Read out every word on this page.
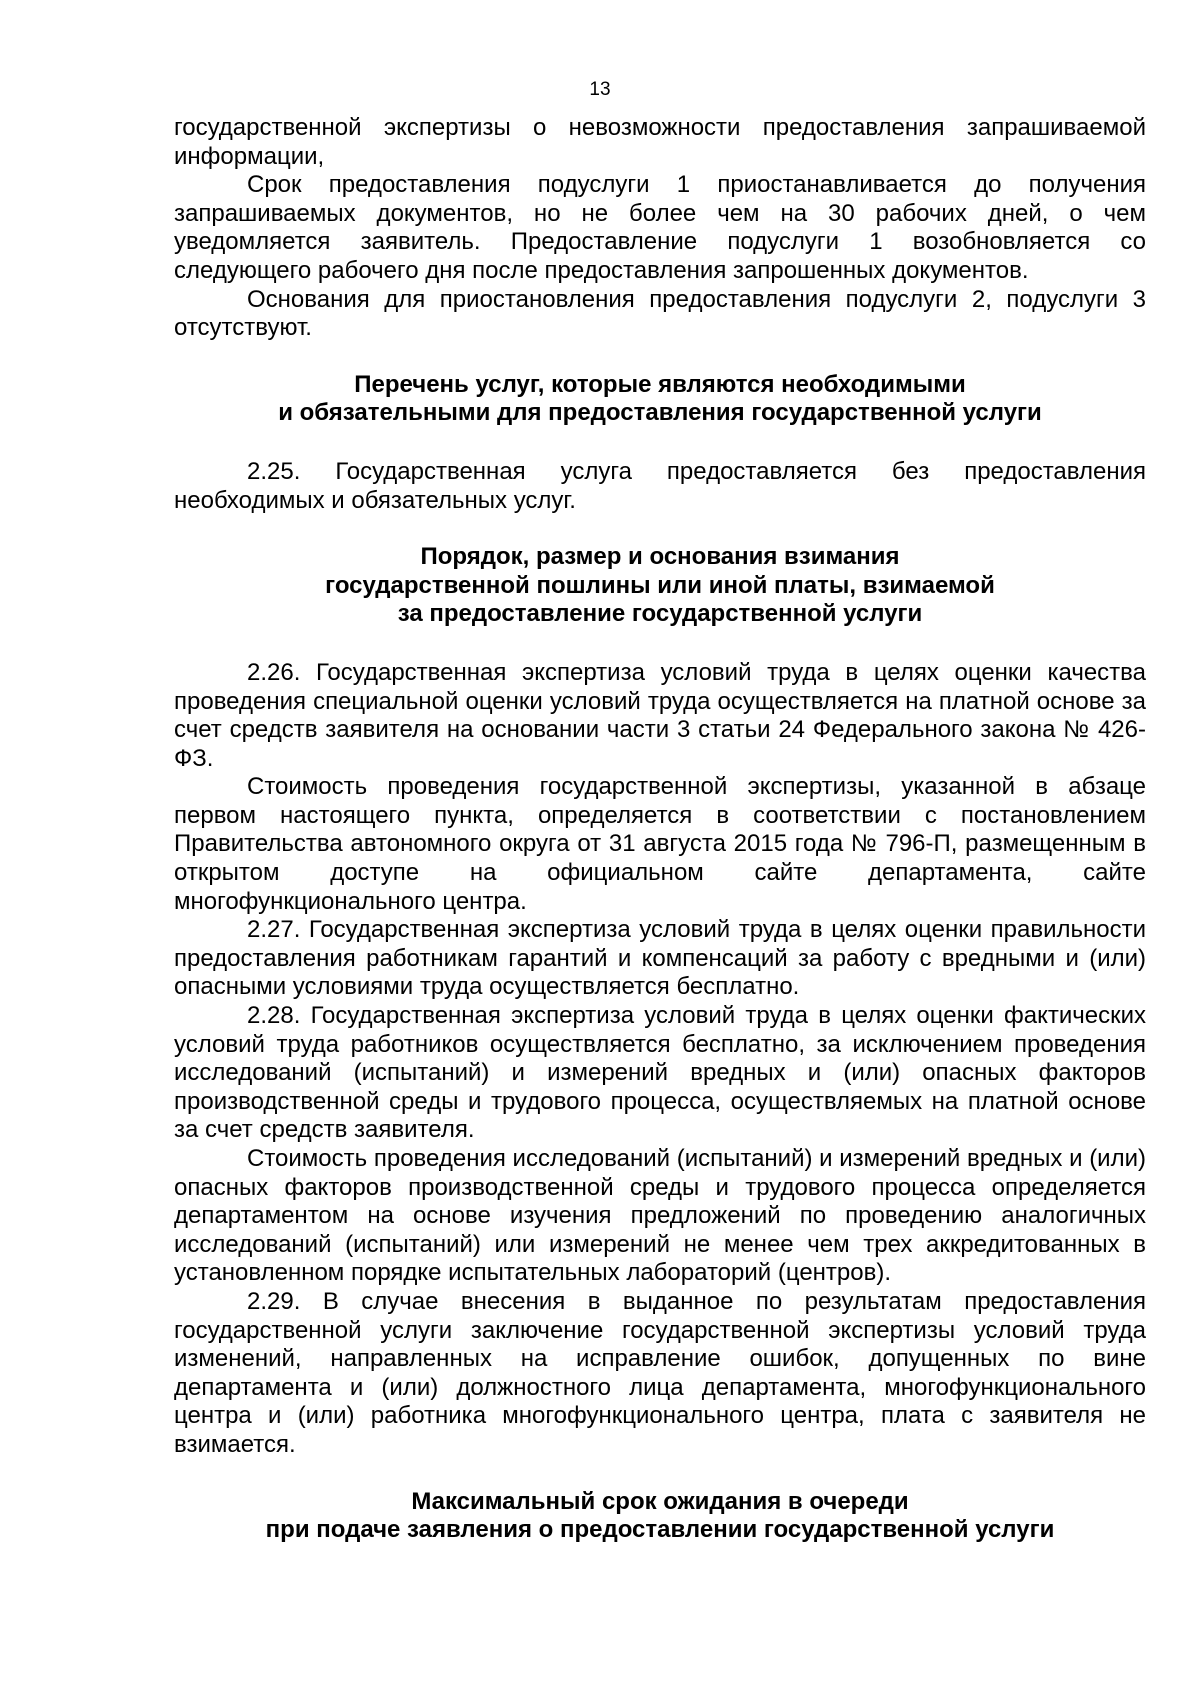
13

государственной экспертизы о невозможности предоставления запрашиваемой информации,

Срок предоставления подуслуги 1 приостанавливается до получения запрашиваемых документов, но не более чем на 30 рабочих дней, о чем уведомляется заявитель. Предоставление подуслуги 1 возобновляется со следующего рабочего дня после предоставления запрошенных документов.

Основания для приостановления предоставления подуслуги 2, подуслуги 3 отсутствуют.

Перечень услуг, которые являются необходимыми
и обязательными для предоставления государственной услуги

2.25. Государственная услуга предоставляется без предоставления необходимых и обязательных услуг.

Порядок, размер и основания взимания
государственной пошлины или иной платы, взимаемой
за предоставление государственной услуги

2.26. Государственная экспертиза условий труда в целях оценки качества проведения специальной оценки условий труда осуществляется на платной основе за счет средств заявителя на основании части 3 статьи 24 Федерального закона № 426-ФЗ.

Стоимость проведения государственной экспертизы, указанной в абзаце первом настоящего пункта, определяется в соответствии с постановлением Правительства автономного округа от 31 августа 2015 года № 796-П, размещенным в открытом доступе на официальном сайте департамента, сайте многофункционального центра.

2.27. Государственная экспертиза условий труда в целях оценки правильности предоставления работникам гарантий и компенсаций за работу с вредными и (или) опасными условиями труда осуществляется бесплатно.

2.28. Государственная экспертиза условий труда в целях оценки фактических условий труда работников осуществляется бесплатно, за исключением проведения исследований (испытаний) и измерений вредных и (или) опасных факторов производственной среды и трудового процесса, осуществляемых на платной основе за счет средств заявителя.

Стоимость проведения исследований (испытаний) и измерений вредных и (или) опасных факторов производственной среды и трудового процесса определяется департаментом на основе изучения предложений по проведению аналогичных исследований (испытаний) или измерений не менее чем трех аккредитованных в установленном порядке испытательных лабораторий (центров).

2.29. В случае внесения в выданное по результатам предоставления государственной услуги заключение государственной экспертизы условий труда изменений, направленных на исправление ошибок, допущенных по вине департамента и (или) должностного лица департамента, многофункционального центра и (или) работника многофункционального центра, плата с заявителя не взимается.

Максимальный срок ожидания в очереди
при подаче заявления о предоставлении государственной услуги
